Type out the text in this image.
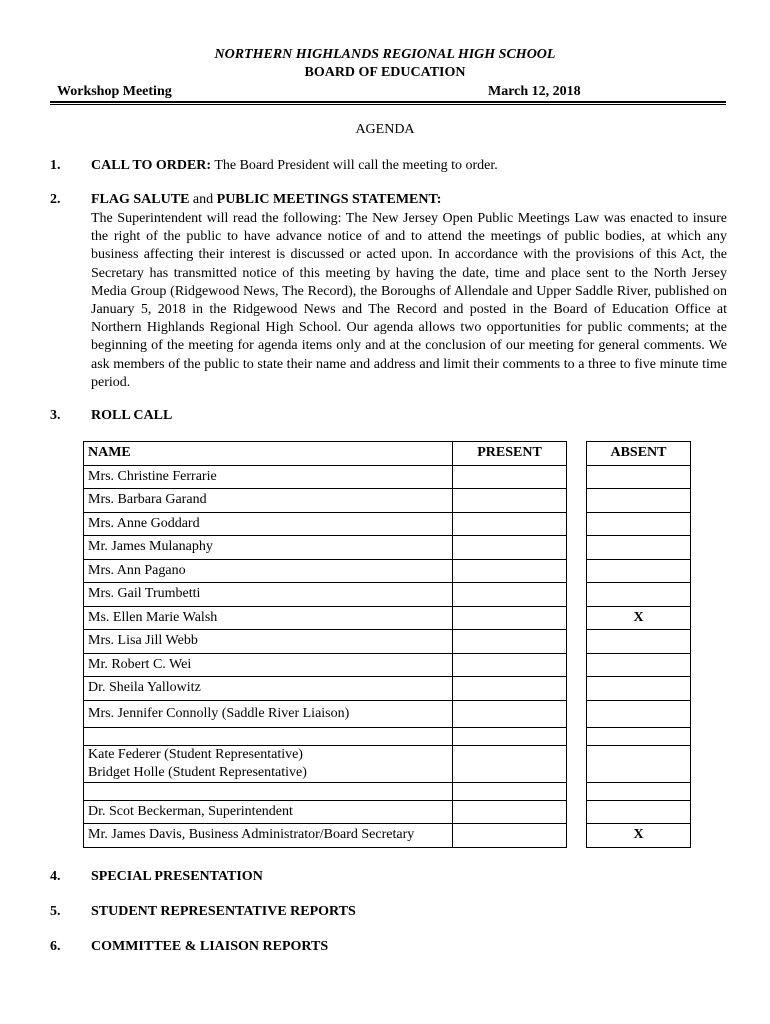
NORTHERN HIGHLANDS REGIONAL HIGH SCHOOL
BOARD OF EDUCATION
Workshop Meeting	March 12, 2018
AGENDA
1. CALL TO ORDER: The Board President will call the meeting to order.
2. FLAG SALUTE and PUBLIC MEETINGS STATEMENT:

The Superintendent will read the following: The New Jersey Open Public Meetings Law was enacted to insure the right of the public to have advance notice of and to attend the meetings of public bodies, at which any business affecting their interest is discussed or acted upon. In accordance with the provisions of this Act, the Secretary has transmitted notice of this meeting by having the date, time and place sent to the North Jersey Media Group (Ridgewood News, The Record), the Boroughs of Allendale and Upper Saddle River, published on January 5, 2018 in the Ridgewood News and The Record and posted in the Board of Education Office at Northern Highlands Regional High School. Our agenda allows two opportunities for public comments; at the beginning of the meeting for agenda items only and at the conclusion of our meeting for general comments. We ask members of the public to state their name and address and limit their comments to a three to five minute time period.

3. ROLL CALL
NAME	PRESENT		ABSENT
Mrs. Christine Ferrarie			
Mrs. Barbara Garand			
Mrs. Anne Goddard			
Mr. James Mulanaphy			
Mrs. Ann Pagano			
Mrs. Gail Trumbetti			
Ms. Ellen Marie Walsh			X
Mrs. Lisa Jill Webb			
Mr. Robert C. Wei			
Dr. Sheila Yallowitz			
Mrs. Jennifer Connolly (Saddle River Liaison)			

Kate Federer (Student Representative)
Bridget Holle (Student Representative)			

Dr. Scot Beckerman, Superintendent			
Mr. James Davis, Business Administrator/Board Secretary			X
4. SPECIAL PRESENTATION
5. STUDENT REPRESENTATIVE REPORTS
6. COMMITTEE & LIAISON REPORTS
